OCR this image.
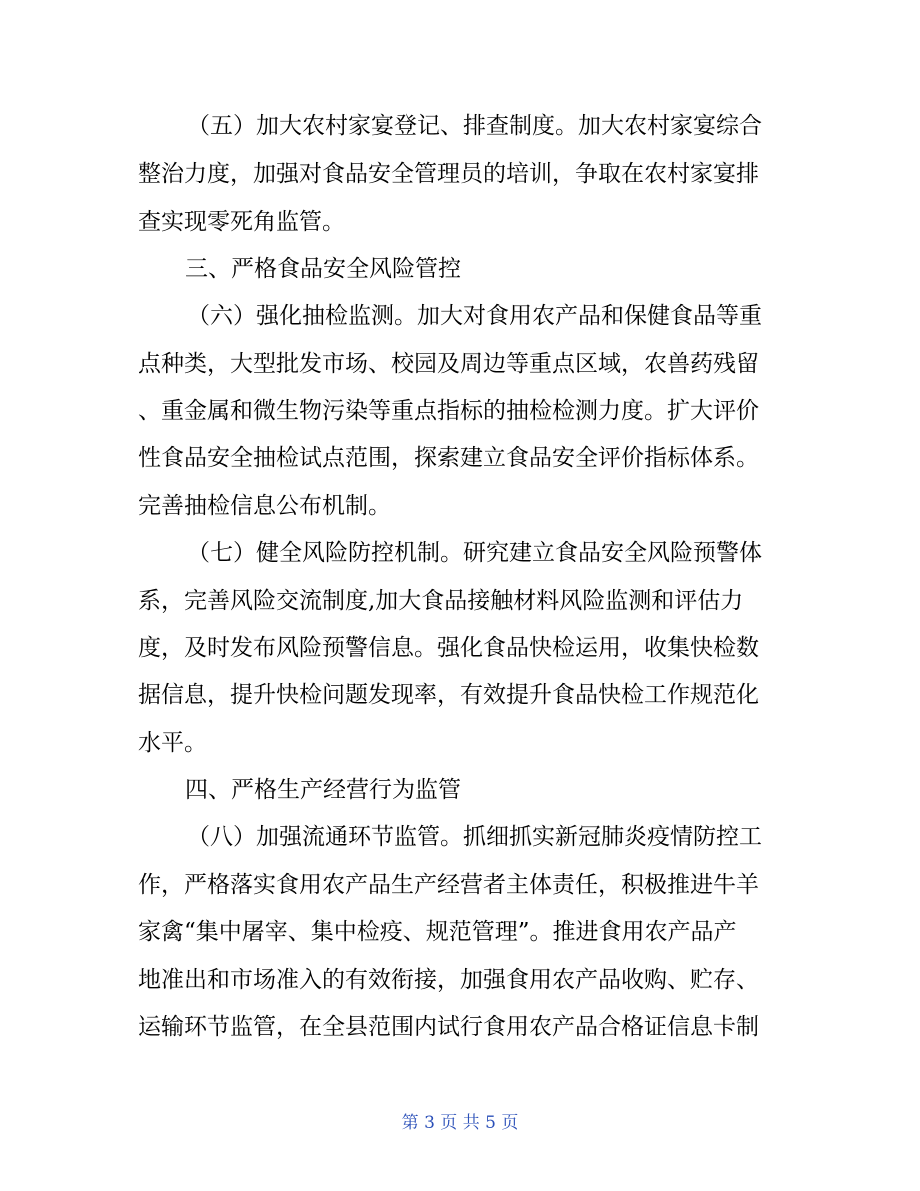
（五）加大农村家宴登记、排查制度。加大农村家宴综合
整治力度，加强对食品安全管理员的培训，争取在农村家宴排
查实现零死角监管。
三、严格食品安全风险管控
（六）强化抽检监测。加大对食用农产品和保健食品等重
点种类，大型批发市场、校园及周边等重点区域，农兽药残留
、重金属和微生物污染等重点指标的抽检检测力度。扩大评价
性食品安全抽检试点范围，探索建立食品安全评价指标体系。
完善抽检信息公布机制。
（七）健全风险防控机制。研究建立食品安全风险预警体
系，完善风险交流制度,加大食品接触材料风险监测和评估力
度，及时发布风险预警信息。强化食品快检运用，收集快检数
据信息，提升快检问题发现率，有效提升食品快检工作规范化
水平。
四、严格生产经营行为监管
（八）加强流通环节监管。抓细抓实新冠肺炎疫情防控工
作，严格落实食用农产品生产经营者主体责任，积极推进牛羊
家禽“集中屠宰、集中检疫、规范管理”。推进食用农产品产
地准出和市场准入的有效衔接，加强食用农产品收购、贮存、
运输环节监管，在全县范围内试行食用农产品合格证信息卡制
第 3 页 共 5 页
